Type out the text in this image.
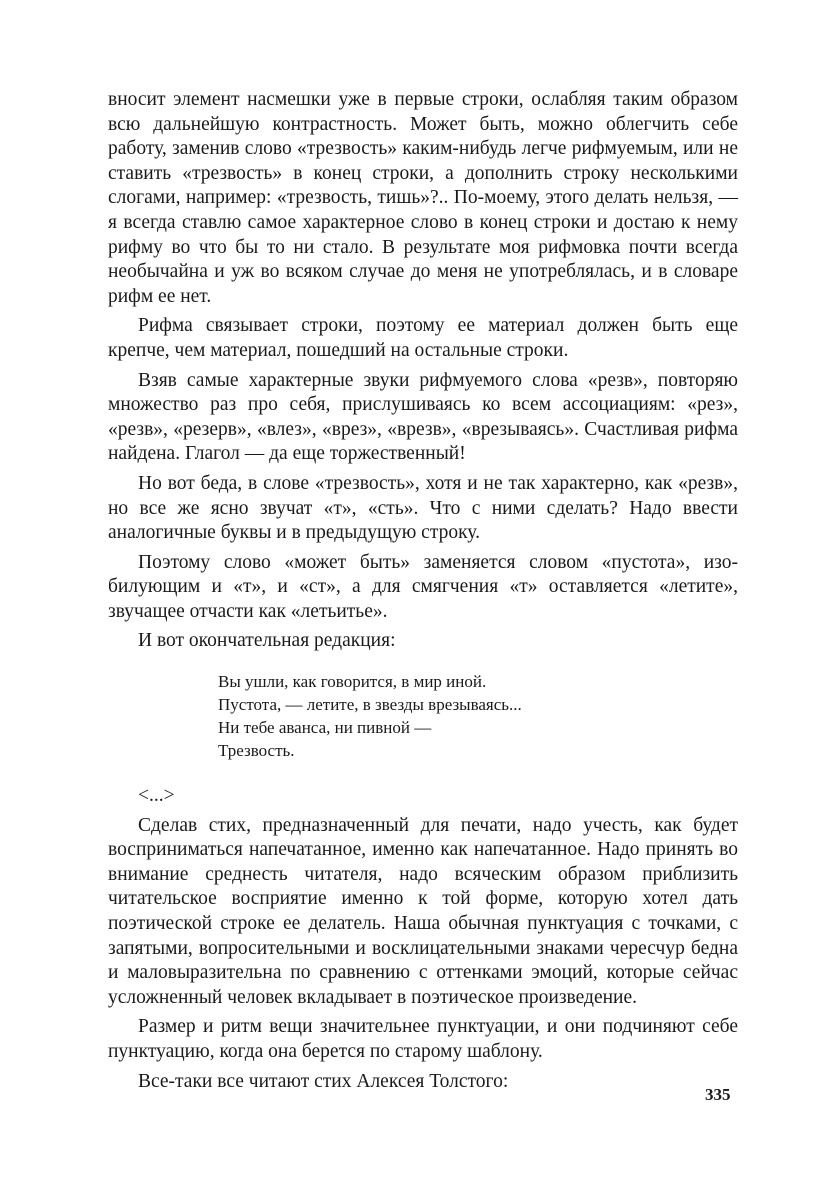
вносит элемент насмешки уже в первые строки, ослабляя таким образом всю дальнейшую контрастность. Может быть, можно облегчить себе работу, заменив слово «трезвость» каким-нибудь легче рифмуемым, или не ставить «трезвость» в конец строки, а дополнить строку несколькими слогами, например: «трезвость, тишь»?.. По-моему, этого делать нельзя, — я всегда ставлю самое характерное слово в конец строки и достаю к нему рифму во что бы то ни стало. В результате моя рифмовка почти всегда необычайна и уж во всяком случае до меня не употреблялась, и в словаре рифм ее нет.

Рифма связывает строки, поэтому ее материал должен быть еще крепче, чем материал, пошедший на остальные строки.

Взяв самые характерные звуки рифмуемого слова «резв», повторяю множество раз про себя, прислушиваясь ко всем ассоциациям: «рез», «резв», «резерв», «влез», «врез», «врезв», «врезываясь». Счастливая рифма найдена. Глагол — да еще торжественный!

Но вот беда, в слове «трезвость», хотя и не так характерно, как «резв», но все же ясно звучат «т», «сть». Что с ними сделать? Надо ввести аналогичные буквы и в предыдущую строку.

Поэтому слово «может быть» заменяется словом «пустота», изобилующим и «т», и «ст», а для смягчения «т» оставляется «летите», звучащее отчасти как «летьитье».

И вот окончательная редакция:

Вы ушли, как говорится, в мир иной.
Пустота, — летите, в звезды врезываясь...
Ни тебе аванса, ни пивной —
Трезвость.

<...>

Сделав стих, предназначенный для печати, надо учесть, как будет восприниматься напечатанное, именно как напечатанное. Надо принять во внимание среднесть читателя, надо всяческим образом приблизить читательское восприятие именно к той форме, которую хотел дать поэтической строке ее делатель. Наша обычная пунктуация с точками, с запятыми, вопросительными и восклицательными знаками чересчур бедна и маловыразительна по сравнению с оттенками эмоций, которые сейчас усложненный человек вкладывает в поэтическое произведение.

Размер и ритм вещи значительнее пунктуации, и они подчиняют себе пунктуацию, когда она берется по старому шаблону.

Все-таки все читают стих Алексея Толстого:

335
